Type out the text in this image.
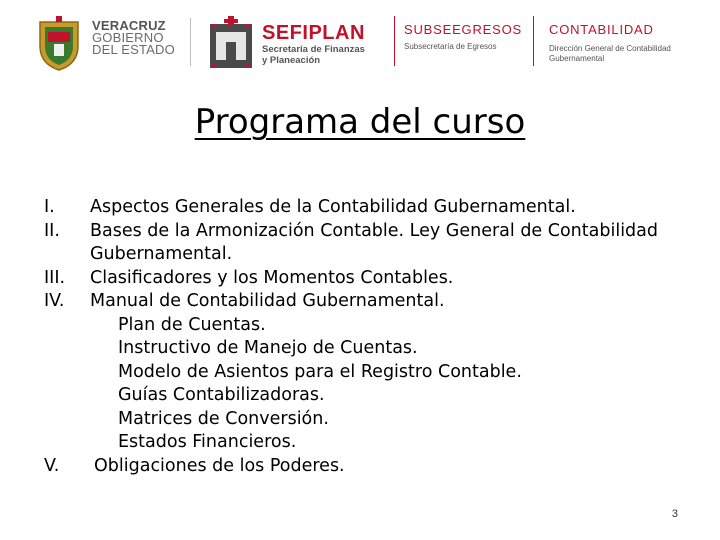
VERACRUZ
GOBIERNO
DEL ESTADO
SEFIPLAN
Secretaría de Finanzas
y Planeación
SUBSEEGRESOS
Subsecretaría de Egresos
CONTABILIDAD
Dirección General de Contabilidad
Gubernamental
Programa del curso
I.	Aspectos Generales de la Contabilidad Gubernamental.
II.	Bases de la Armonización Contable. Ley General de Contabilidad Gubernamental.
III.	Clasificadores y los Momentos Contables.
IV.	Manual de Contabilidad Gubernamental.
Plan de Cuentas.
Instructivo de Manejo de Cuentas.
Modelo de Asientos para el Registro Contable.
Guías Contabilizadoras.
Matrices de Conversión.
Estados Financieros.
V.	Obligaciones de los Poderes.
3
